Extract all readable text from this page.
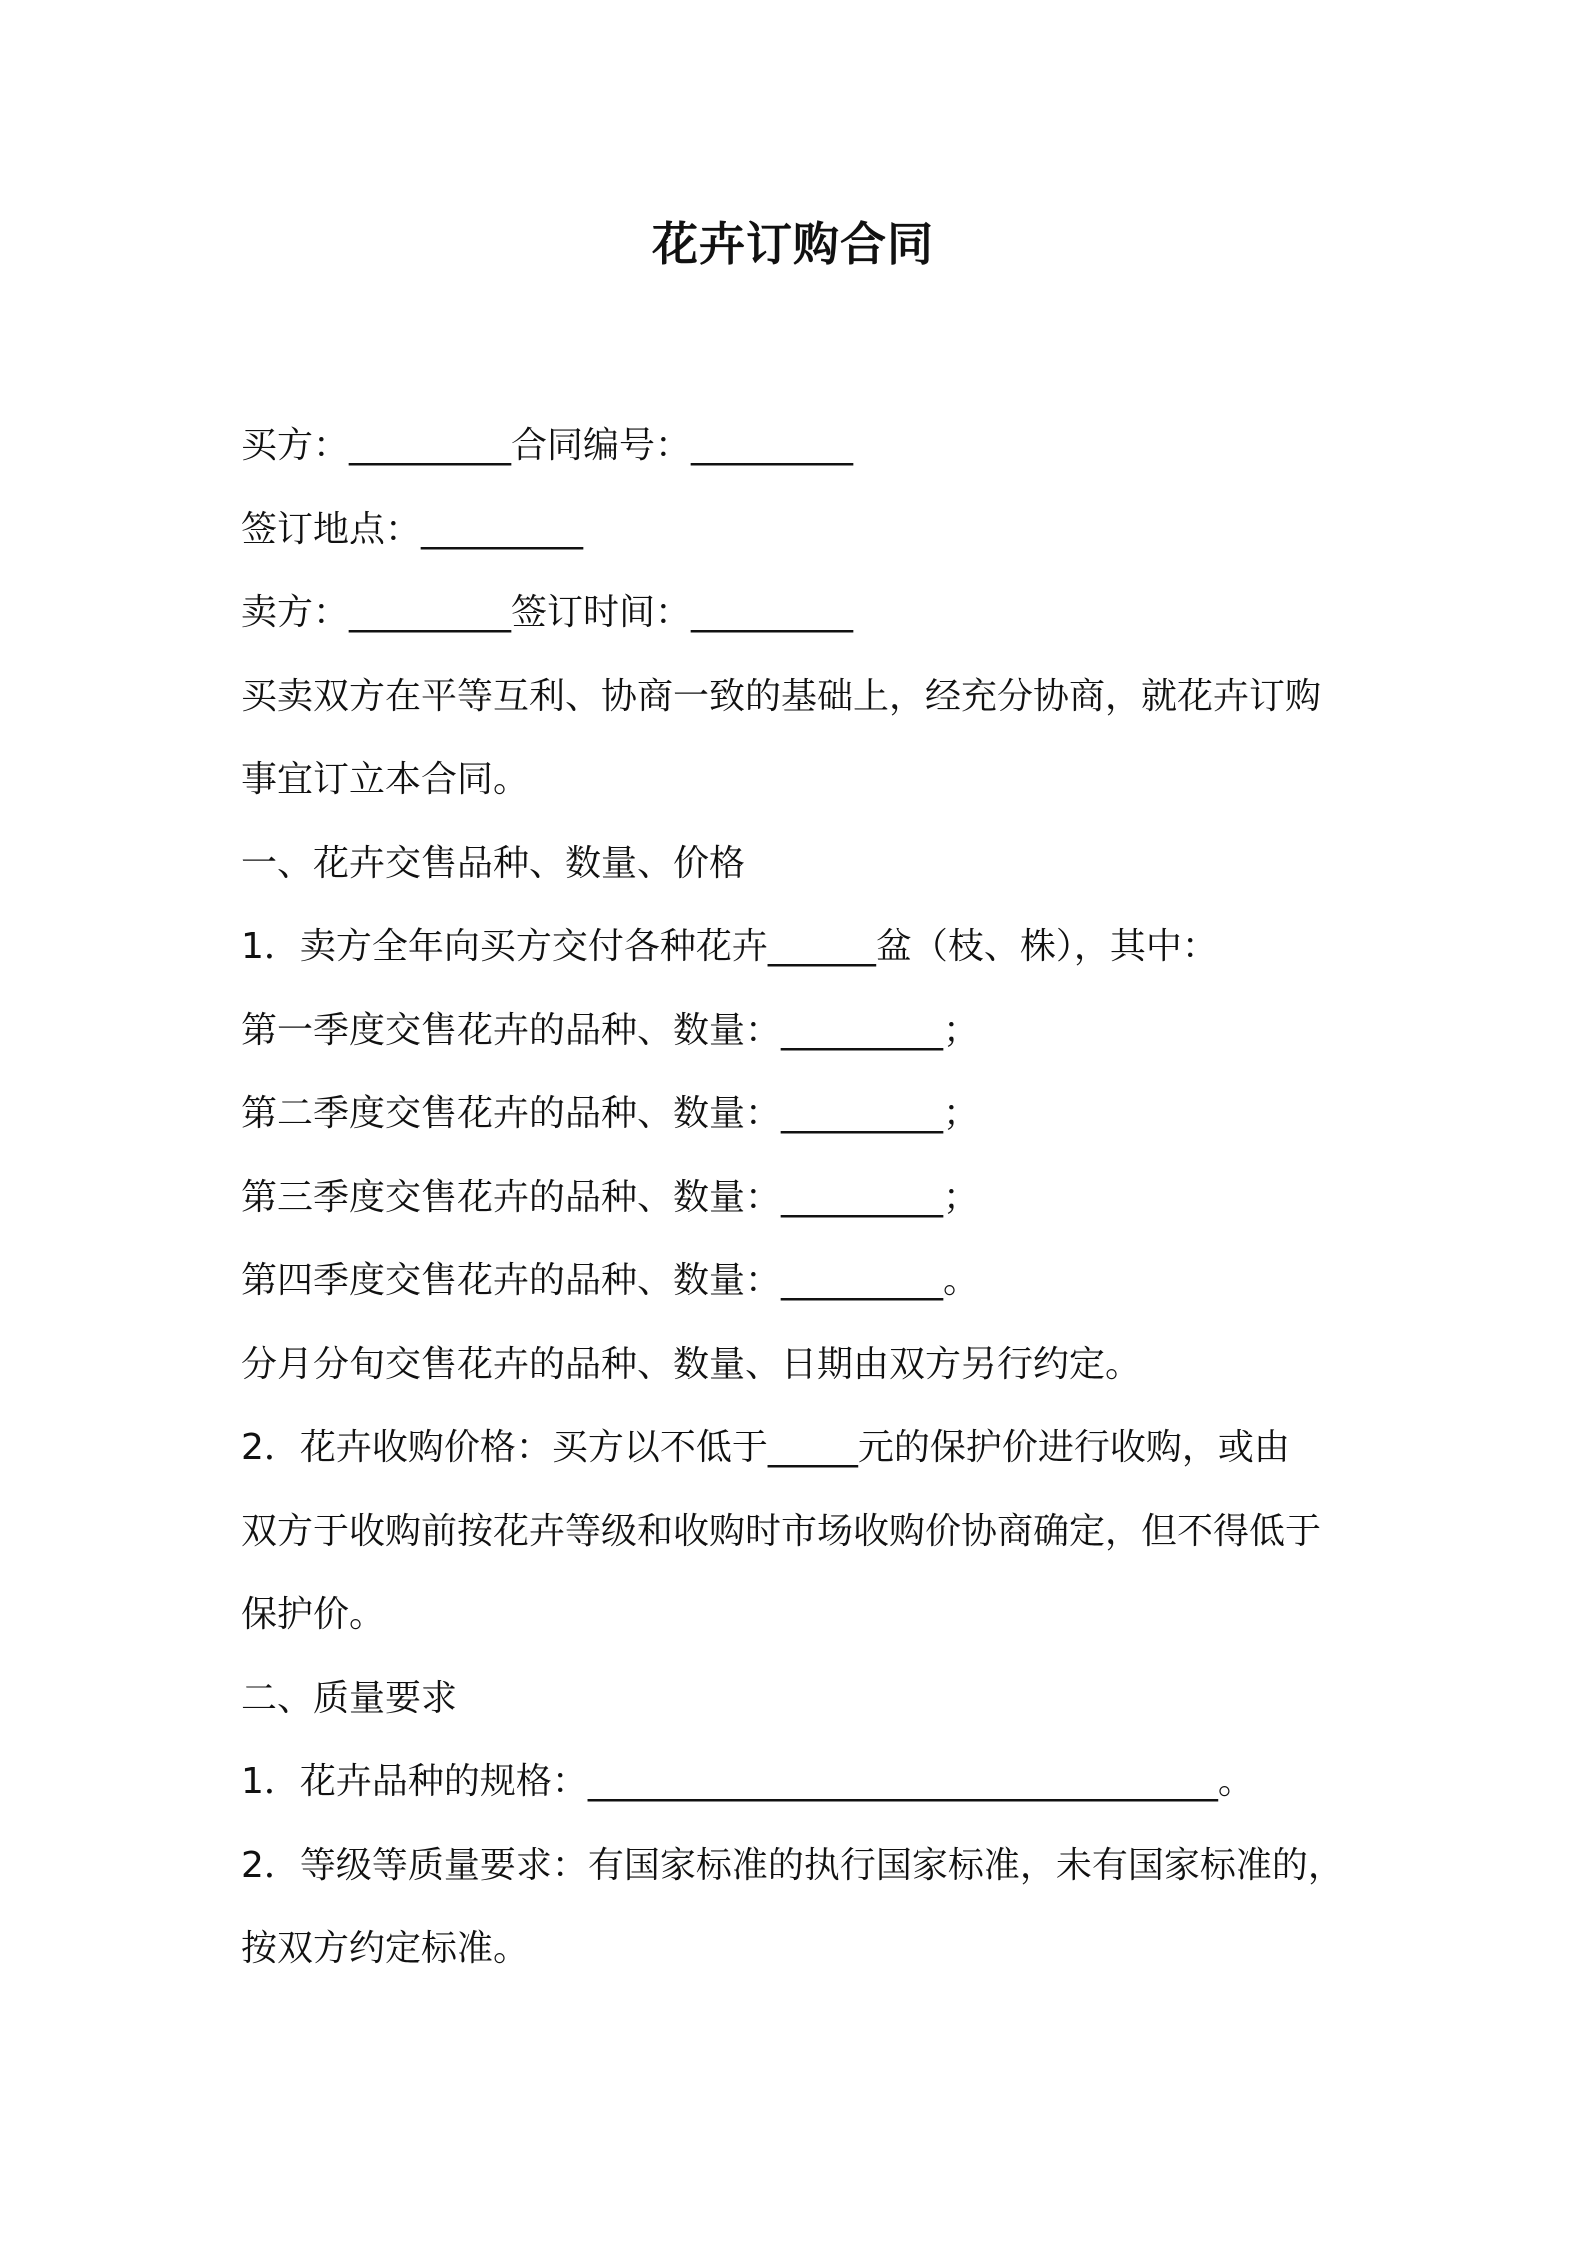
花卉订购合同
买方：_________合同编号：_________
签订地点：_________
卖方：_________签订时间：_________
买卖双方在平等互利、协商一致的基础上，经充分协商，就花卉订购
事宜订立本合同。
一、花卉交售品种、数量、价格
1．卖方全年向买方交付各种花卉______盆（枝、株），其中：
第一季度交售花卉的品种、数量：_________；
第二季度交售花卉的品种、数量：_________；
第三季度交售花卉的品种、数量：_________；
第四季度交售花卉的品种、数量：_________。
分月分旬交售花卉的品种、数量、日期由双方另行约定。
2．花卉收购价格：买方以不低于_____元的保护价进行收购，或由
双方于收购前按花卉等级和收购时市场收购价协商确定，但不得低于
保护价。
二、质量要求
1．花卉品种的规格：___________________________________。
2．等级等质量要求：有国家标准的执行国家标准，未有国家标准的，
按双方约定标准。
